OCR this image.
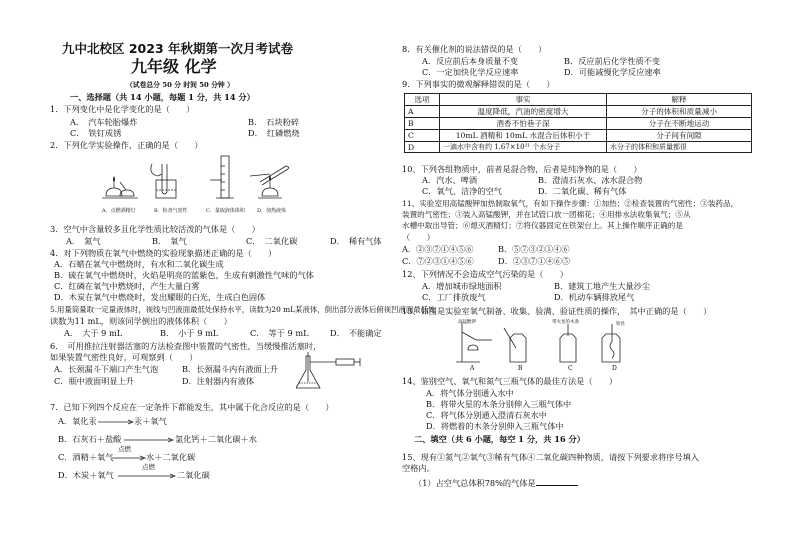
九中北校区 2023 年秋期第一次月考试卷
九年级 化学
（试卷总分 50 分 时间 50 分钟 ）
一、选择题（共 14 小题，每题 1 分，共 14 分）
1．下列变化中是化学变化的是（　　）
A．　汽车轮胎爆炸	B．　石块粉碎
C．　铁钉成锈	D．　红磷燃烧
2．下列化学实验操作，正确的是（　　）
A．点燃酒精灯	B．检查气密性	C．量取液体体积 D．加热液体
3．空气中含量较多且化学性质比较活泼的气体是（　　）
A．　氮气	B．　氧气	C．　二氧化碳	D．　稀有气体
4．对下列物质在氧气中燃烧的实验现象描述正确的是（　　）
A．石蜡在氧气中燃烧时，有水和二氧化碳生成
B．硫在氧气中燃烧时，火焰是明亮的蓝紫色，生成有刺激性气味的气体
C．红磷在氧气中燃烧时，产生大量白雾
D．木炭在氧气中燃烧时，发出耀眼的白光，生成白色固体
5.用量筒量取一定量液体时，视线与凹液面最低处保持水平，读数为20 mL某液体，倒出部分液体后俯视凹液面最低处
读数为11 mL，则该同学倒出的液体体积（　　）
A．　大于 9 mL	B．　小于 9 mL	C．　等于 9 mL	D．　不能确定
6．　可用推拉注射器活塞的方法检查图中装置的气密性，当缓慢推活塞时，
如果装置气密性良好，可观察到（　　）
A．长颈漏斗下端口产生气泡	B．长颈漏斗内有液面上升
C．瓶中液面明显上升	D．注射器内有液体
7．已知下列四个反应在一定条件下都能发生，其中属于化合反应的是（　　）
A．氧化汞	汞＋氧气
B．石灰石＋盐酸	氯化钙＋二氧化碳＋水
C．酒精＋氧气
点燃
水＋二氧化碳
D．木炭＋氧气
点燃
二氧化碳
8．有关催化剂的说法错误的是（　　）
A．反应前后本身质量不变	B．反应前后化学性质不变
C．一定加快化学反应速率	D．可能减慢化学反应速率
9．下列事实的微观解释错误的是（　　）
选项	事实	解释
A	温度降低，汽油的密度增大	分子的体积和质量减小
B	酒香不怕巷子深	分子在不断地运动
C	10mL 酒精和 10mL 水混合后体积小于	分子间有间隙
D	一滴水中含有约 1.67×10²¹ 个水分子	水分子的体积和质量都很
10、下列各组物质中，前者是混合物，后者是纯净物的是（　　）
A．汽水、啤酒	B．澄清石灰水、冰水混合物
C．氧气、洁净的空气	D．二氧化碳、稀有气体
11、实验室用高锰酸钾加热制取氧气，有如下操作步骤：①加热；②检查装置的气密性；③装药品，
装置的气密性；③装入高锰酸钾，并在试管口放一团棉花；④用排水法收集氧气；⑤从
水槽中取出导管；⑥熄灭酒精灯；⑦将仪器固定在铁架台上。其上操作顺序正确的是
（　　）
A．②③⑦①④⑤⑥	B．⑤⑦③②①④⑥
C．⑦②③①④⑤⑥	D．②③⑦①④⑥⑤
12、下列情况不会造成空气污染的是（　　）
A．增加城市绿地面积	B．建筑工地产生大量沙尘
C．工厂排放废气	D．机动车辆排放尾气
13、如图是实验室氧气制备、收集、验满、验证性质的操作，　其中正确的是（　　）
高锰酸钾	带火星的木条	铁丝
A	B	C	D
14、鉴别空气、氧气和氮气三瓶气体的最佳方法是（　　）
A．将气体分别通入水中
B．将带火星的木条分别伸入三瓶气体中
C．将气体分别通入澄清石灰水中
D．将燃着的木条分别伸入三瓶气体中
二、填空（共 6 小题，每空 1 分，共 16 分）
15、现有①氮气②氧气③稀有气体④二氧化碳四种物质，请按下列要求将序号填入
空格内。
（1）占空气总体积78%的气体是
